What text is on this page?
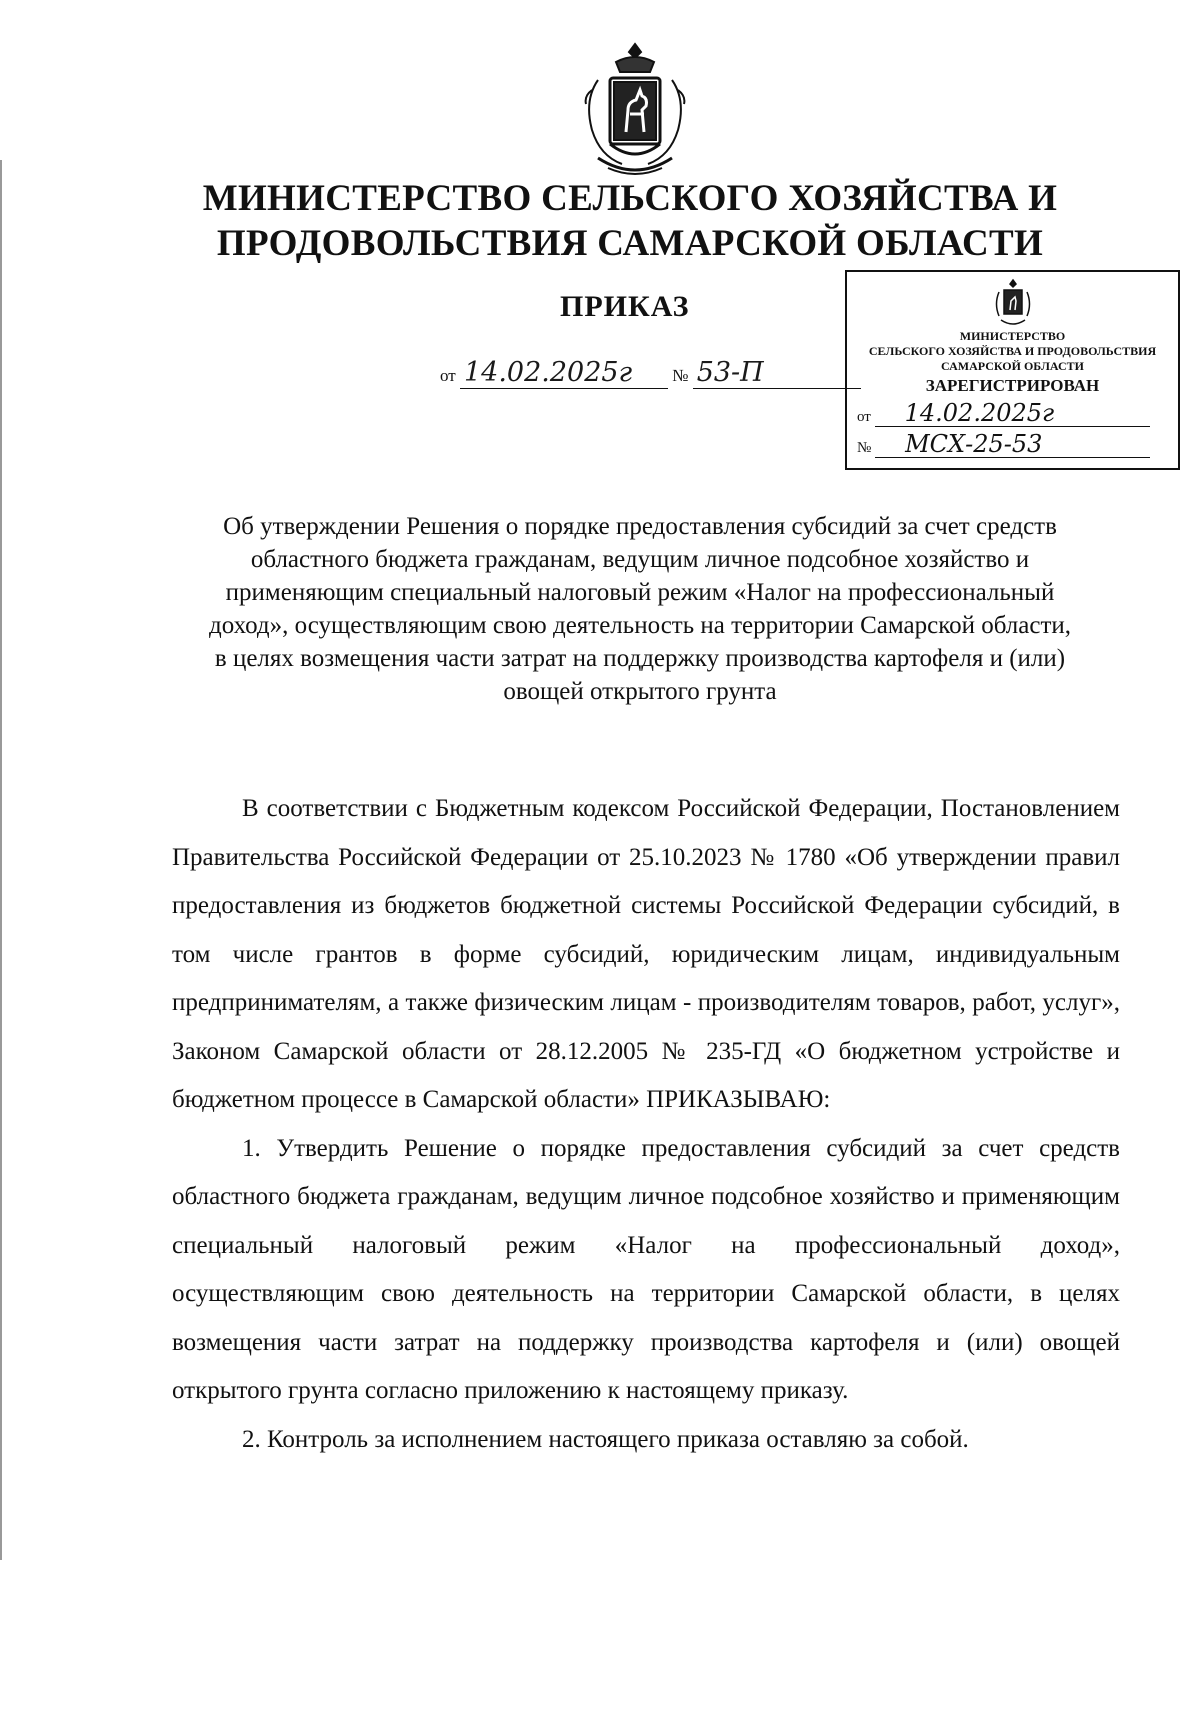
МИНИСТЕРСТВО СЕЛЬСКОГО ХОЗЯЙСТВА И
ПРОДОВОЛЬСТВИЯ САМАРСКОЙ ОБЛАСТИ
ПРИКАЗ
от 14.02.2025г № 53-П
МИНИСТЕРСТВО
СЕЛЬСКОГО ХОЗЯЙСТВА И ПРОДОВОЛЬСТВИЯ
САМАРСКОЙ ОБЛАСТИ
ЗАРЕГИСТРИРОВАН
от 14.02.2025г
№ МСХ-25-53
Об утверждении Решения о порядке предоставления субсидий за счет средств областного бюджета гражданам, ведущим личное подсобное хозяйство и применяющим специальный налоговый режим «Налог на профессиональный доход», осуществляющим свою деятельность на территории Самарской области, в целях возмещения части затрат на поддержку производства картофеля и (или) овощей открытого грунта

В соответствии с Бюджетным кодексом Российской Федерации, Постановлением Правительства Российской Федерации от 25.10.2023 № 1780 «Об утверждении правил предоставления из бюджетов бюджетной системы Российской Федерации субсидий, в том числе грантов в форме субсидий, юридическим лицам, индивидуальным предпринимателям, а также физическим лицам - производителям товаров, работ, услуг», Законом Самарской области от 28.12.2005 № 235-ГД «О бюджетном устройстве и бюджетном процессе в Самарской области» ПРИКАЗЫВАЮ:

1. Утвердить Решение о порядке предоставления субсидий за счет средств областного бюджета гражданам, ведущим личное подсобное хозяйство и применяющим специальный налоговый режим «Налог на профессиональный доход», осуществляющим свою деятельность на территории Самарской области, в целях возмещения части затрат на поддержку производства картофеля и (или) овощей открытого грунта согласно приложению к настоящему приказу.

2. Контроль за исполнением настоящего приказа оставляю за собой.
